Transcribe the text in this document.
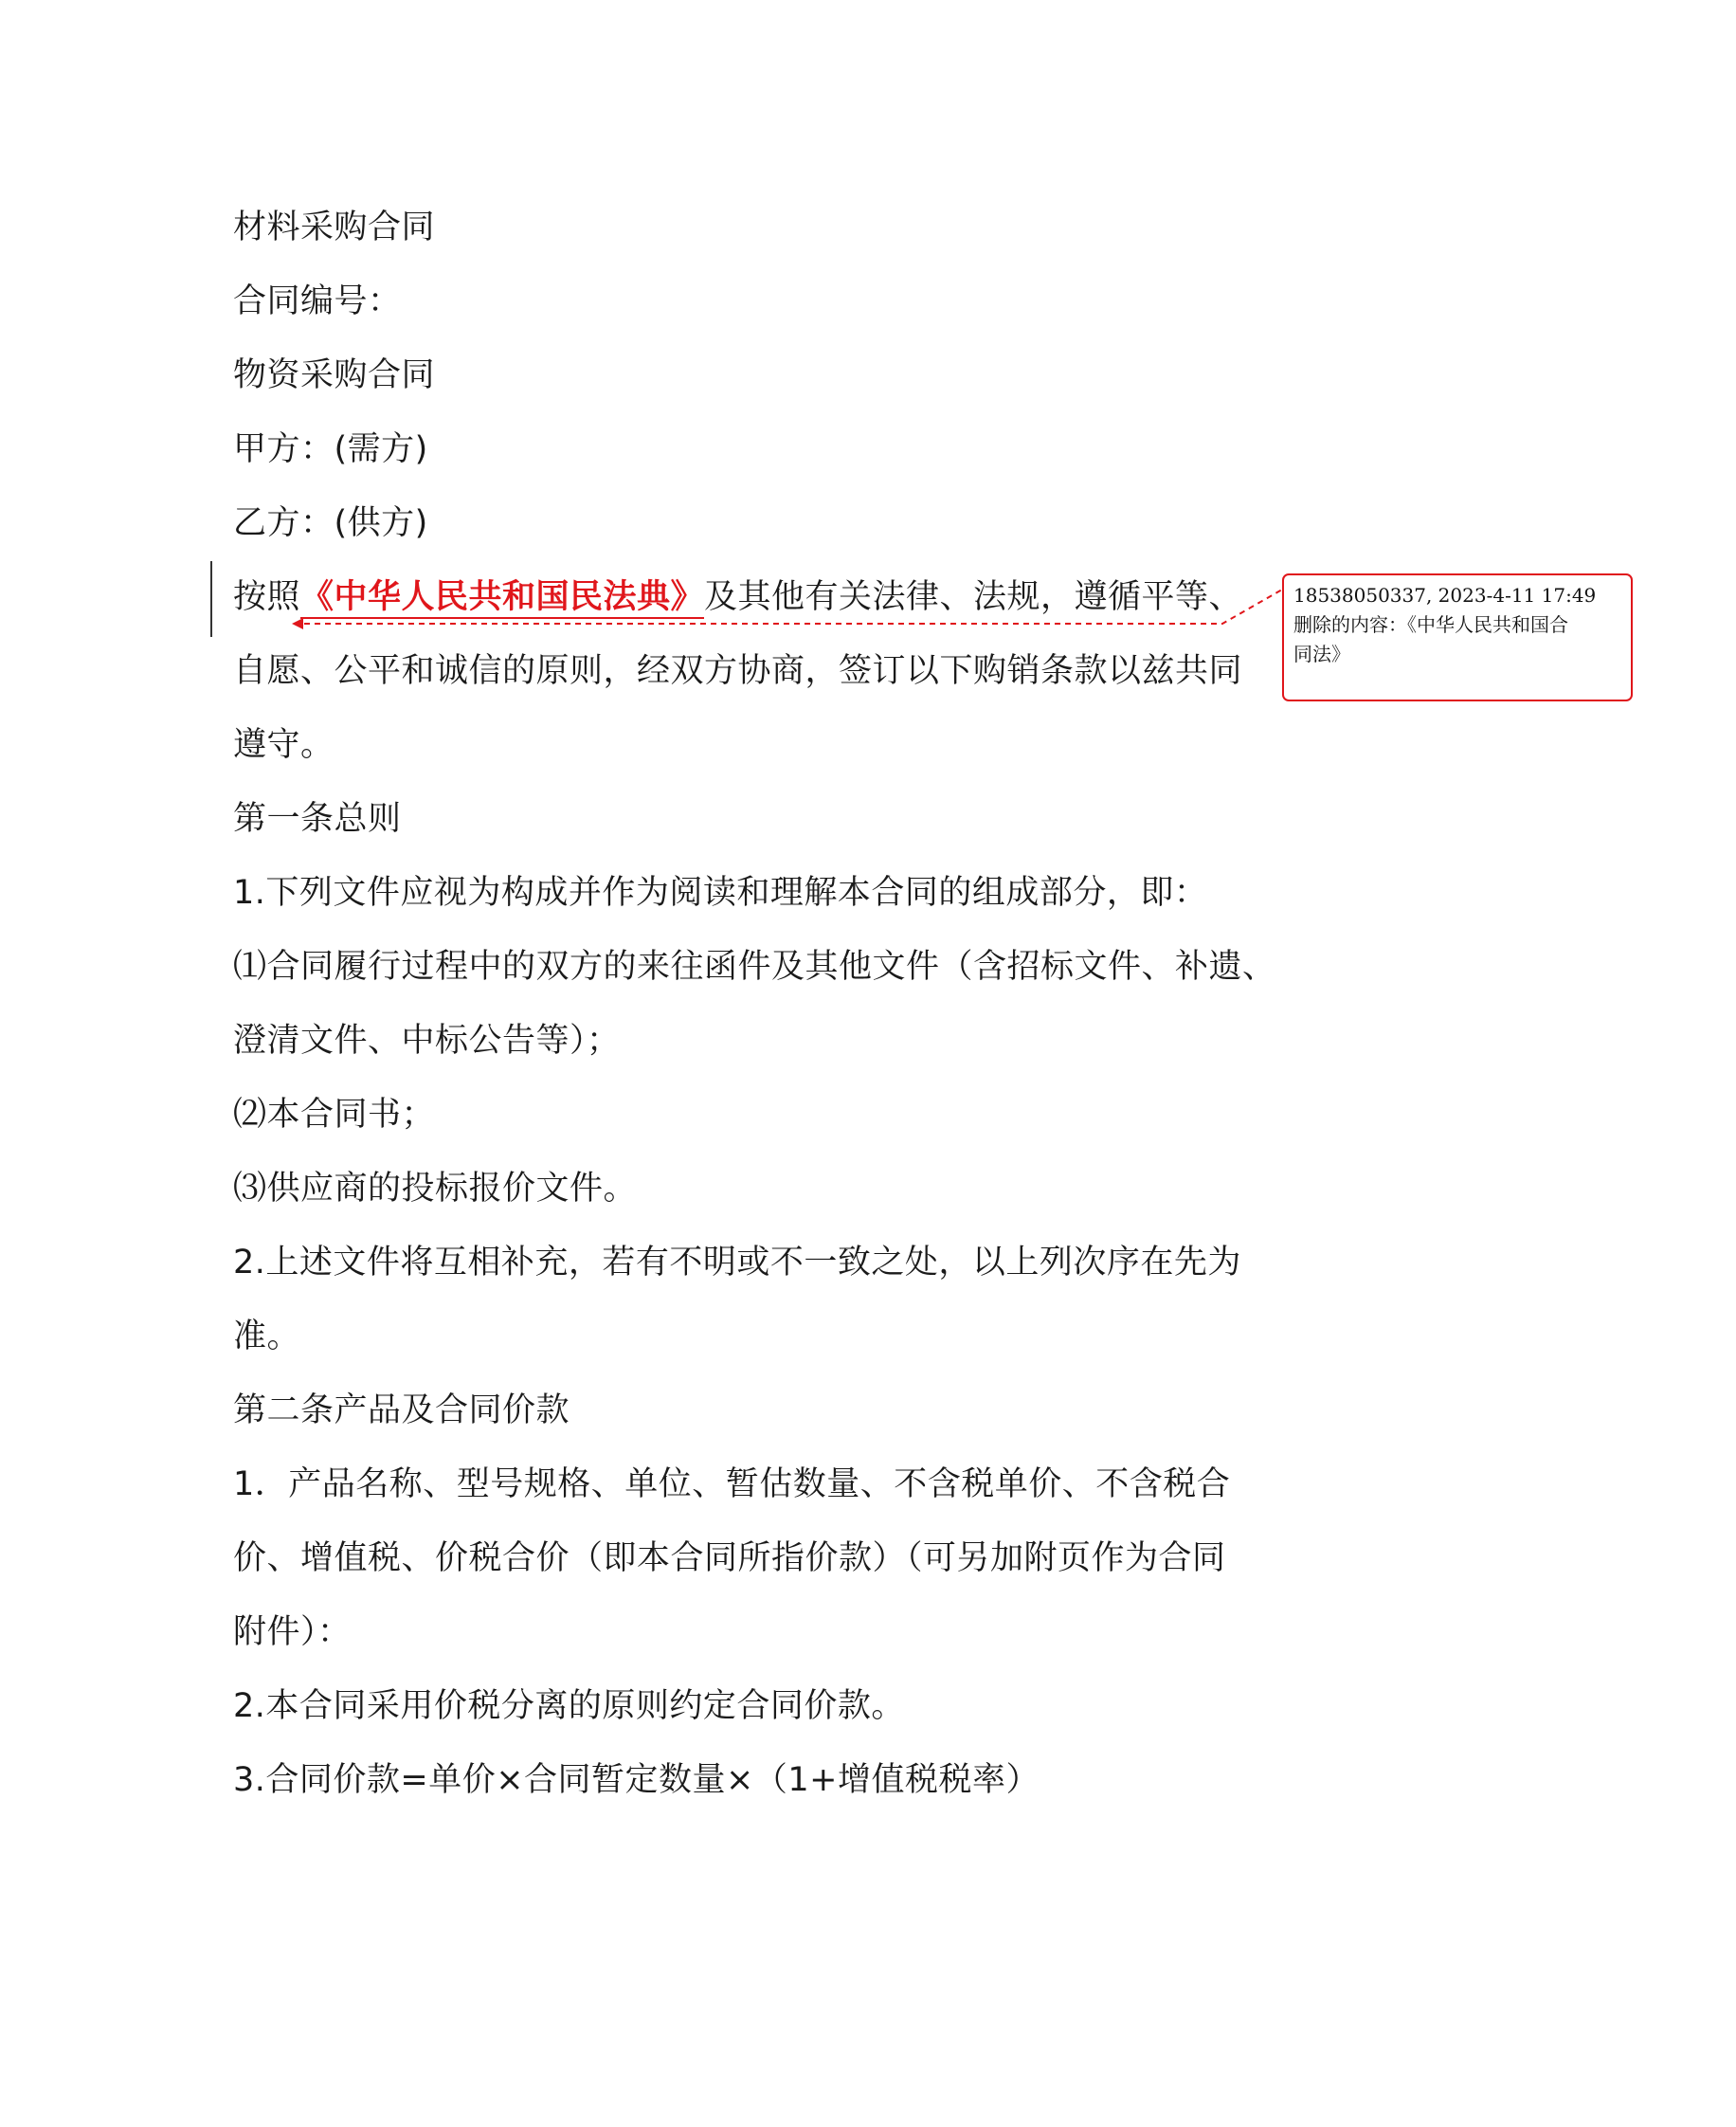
材料采购合同
合同编号：
物资采购合同
甲方：(需方)
乙方：(供方)
按照《中华人民共和国民法典》及其他有关法律、法规，遵循平等、
自愿、公平和诚信的原则，经双方协商，签订以下购销条款以兹共同
遵守。
第一条总则
1.下列文件应视为构成并作为阅读和理解本合同的组成部分，即：
⑴合同履行过程中的双方的来往函件及其他文件（含招标文件、补遗、
澄清文件、中标公告等）；
⑵本合同书；
⑶供应商的投标报价文件。
2.上述文件将互相补充，若有不明或不一致之处，以上列次序在先为
准。
第二条产品及合同价款
1．产品名称、型号规格、单位、暂估数量、不含税单价、不含税合
价、增值税、价税合价（即本合同所指价款）（可另加附页作为合同
附件）：
2.本合同采用价税分离的原则约定合同价款。
3.合同价款=单价×合同暂定数量×（1+增值税税率）
18538050337, 2023-4-11 17:49
删除的内容：《中华人民共和国合
同法》
